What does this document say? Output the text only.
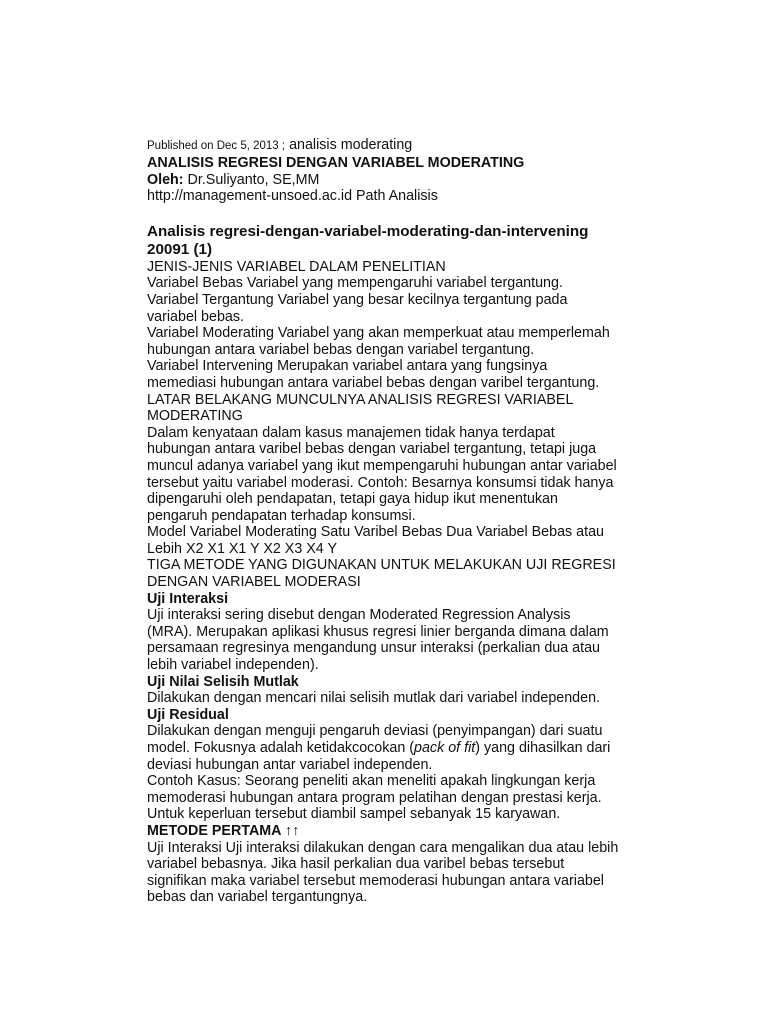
Published on Dec 5, 2013 ; analisis moderating
ANALISIS REGRESI DENGAN VARIABEL MODERATING
Oleh: Dr.Suliyanto, SE,MM
http://management-unsoed.ac.id Path Analisis
Analisis regresi-dengan-variabel-moderating-dan-intervening
20091 (1)
JENIS-JENIS VARIABEL DALAM PENELITIAN
Variabel Bebas Variabel yang mempengaruhi variabel tergantung.
Variabel Tergantung Variabel yang besar kecilnya tergantung pada
variabel bebas.
Variabel Moderating Variabel yang akan memperkuat atau memperlemah
hubungan antara variabel bebas dengan variabel tergantung.
Variabel Intervening Merupakan variabel antara yang fungsinya
memediasi hubungan antara variabel bebas dengan varibel tergantung.
LATAR BELAKANG MUNCULNYA ANALISIS REGRESI VARIABEL
MODERATING
Dalam kenyataan dalam kasus manajemen tidak hanya terdapat
hubungan antara varibel bebas dengan variabel tergantung, tetapi juga
muncul adanya variabel yang ikut mempengaruhi hubungan antar variabel
tersebut yaitu variabel moderasi. Contoh: Besarnya konsumsi tidak hanya
dipengaruhi oleh pendapatan, tetapi gaya hidup ikut menentukan
pengaruh pendapatan terhadap konsumsi.
Model Variabel Moderating Satu Varibel Bebas Dua Variabel Bebas atau
Lebih X2 X1 X1 Y X2 X3 X4 Y
TIGA METODE YANG DIGUNAKAN UNTUK MELAKUKAN UJI REGRESI
DENGAN VARIABEL MODERASI
Uji Interaksi
Uji interaksi sering disebut dengan Moderated Regression Analysis
(MRA). Merupakan aplikasi khusus regresi linier berganda dimana dalam
persamaan regresinya mengandung unsur interaksi (perkalian dua atau
lebih variabel independen).
Uji Nilai Selisih Mutlak
Dilakukan dengan mencari nilai selisih mutlak dari variabel independen.
Uji Residual
Dilakukan dengan menguji pengaruh deviasi (penyimpangan) dari suatu
model. Fokusnya adalah ketidakcocokan (pack of fit) yang dihasilkan dari
deviasi hubungan antar variabel independen.
Contoh Kasus: Seorang peneliti akan meneliti apakah lingkungan kerja
memoderasi hubungan antara program pelatihan dengan prestasi kerja.
Untuk keperluan tersebut diambil sampel sebanyak 15 karyawan.
METODE PERTAMA ↑↑
Uji Interaksi Uji interaksi dilakukan dengan cara mengalikan dua atau lebih
variabel bebasnya. Jika hasil perkalian dua varibel bebas tersebut
signifikan maka variabel tersebut memoderasi hubungan antara variabel
bebas dan variabel tergantungnya.
